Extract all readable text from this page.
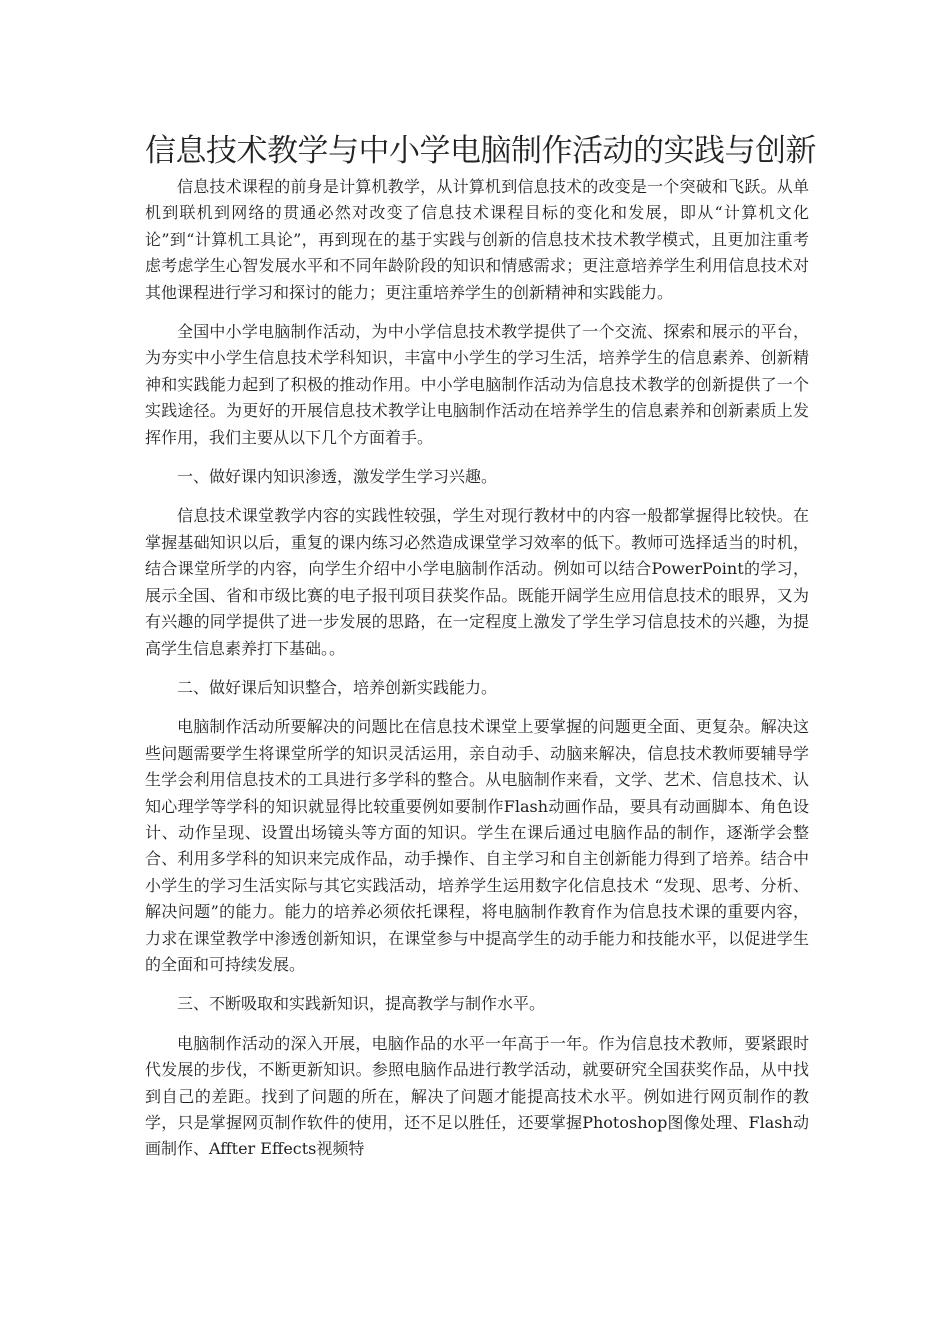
信息技术教学与中小学电脑制作活动的实践与创新

信息技术课程的前身是计算机教学，从计算机到信息技术的改变是一个突破和飞跃。从单机到联机到网络的贯通必然对改变了信息技术课程目标的变化和发展，即从“计算机文化论”到“计算机工具论”，再到现在的基于实践与创新的信息技术技术教学模式，且更加注重考虑考虑学生心智发展水平和不同年龄阶段的知识和情感需求；更注意培养学生利用信息技术对其他课程进行学习和探讨的能力；更注重培养学生的创新精神和实践能力。

全国中小学电脑制作活动，为中小学信息技术教学提供了一个交流、探索和展示的平台，为夯实中小学生信息技术学科知识，丰富中小学生的学习生活，培养学生的信息素养、创新精神和实践能力起到了积极的推动作用。中小学电脑制作活动为信息技术教学的创新提供了一个实践途径。为更好的开展信息技术教学让电脑制作活动在培养学生的信息素养和创新素质上发挥作用，我们主要从以下几个方面着手。

一、做好课内知识渗透，激发学生学习兴趣。

信息技术课堂教学内容的实践性较强，学生对现行教材中的内容一般都掌握得比较快。在掌握基础知识以后，重复的课内练习必然造成课堂学习效率的低下。教师可选择适当的时机，结合课堂所学的内容，向学生介绍中小学电脑制作活动。例如可以结合PowerPoint的学习，展示全国、省和市级比赛的电子报刊项目获奖作品。既能开阔学生应用信息技术的眼界，又为有兴趣的同学提供了进一步发展的思路，在一定程度上激发了学生学习信息技术的兴趣，为提高学生信息素养打下基础。。

二、做好课后知识整合，培养创新实践能力。

电脑制作活动所要解决的问题比在信息技术课堂上要掌握的问题更全面、更复杂。解决这些问题需要学生将课堂所学的知识灵活运用，亲自动手、动脑来解决，信息技术教师要辅导学生学会利用信息技术的工具进行多学科的整合。从电脑制作来看，文学、艺术、信息技术、认知心理学等学科的知识就显得比较重要例如要制作Flash动画作品，要具有动画脚本、角色设计、动作呈现、设置出场镜头等方面的知识。学生在课后通过电脑作品的制作，逐渐学会整合、利用多学科的知识来完成作品，动手操作、自主学习和自主创新能力得到了培养。结合中小学生的学习生活实际与其它实践活动，培养学生运用数字化信息技术 “发现、思考、分析、解决问题”的能力。能力的培养必须依托课程，将电脑制作教育作为信息技术课的重要内容，力求在课堂教学中渗透创新知识，在课堂参与中提高学生的动手能力和技能水平，以促进学生的全面和可持续发展。

三、不断吸取和实践新知识，提高教学与制作水平。

电脑制作活动的深入开展，电脑作品的水平一年高于一年。作为信息技术教师，要紧跟时代发展的步伐，不断更新知识。参照电脑作品进行教学活动，就要研究全国获奖作品，从中找到自己的差距。找到了问题的所在，解决了问题才能提高技术水平。例如进行网页制作的教学，只是掌握网页制作软件的使用，还不足以胜任，还要掌握Photoshop图像处理、Flash动画制作、Affter Effects视频特
